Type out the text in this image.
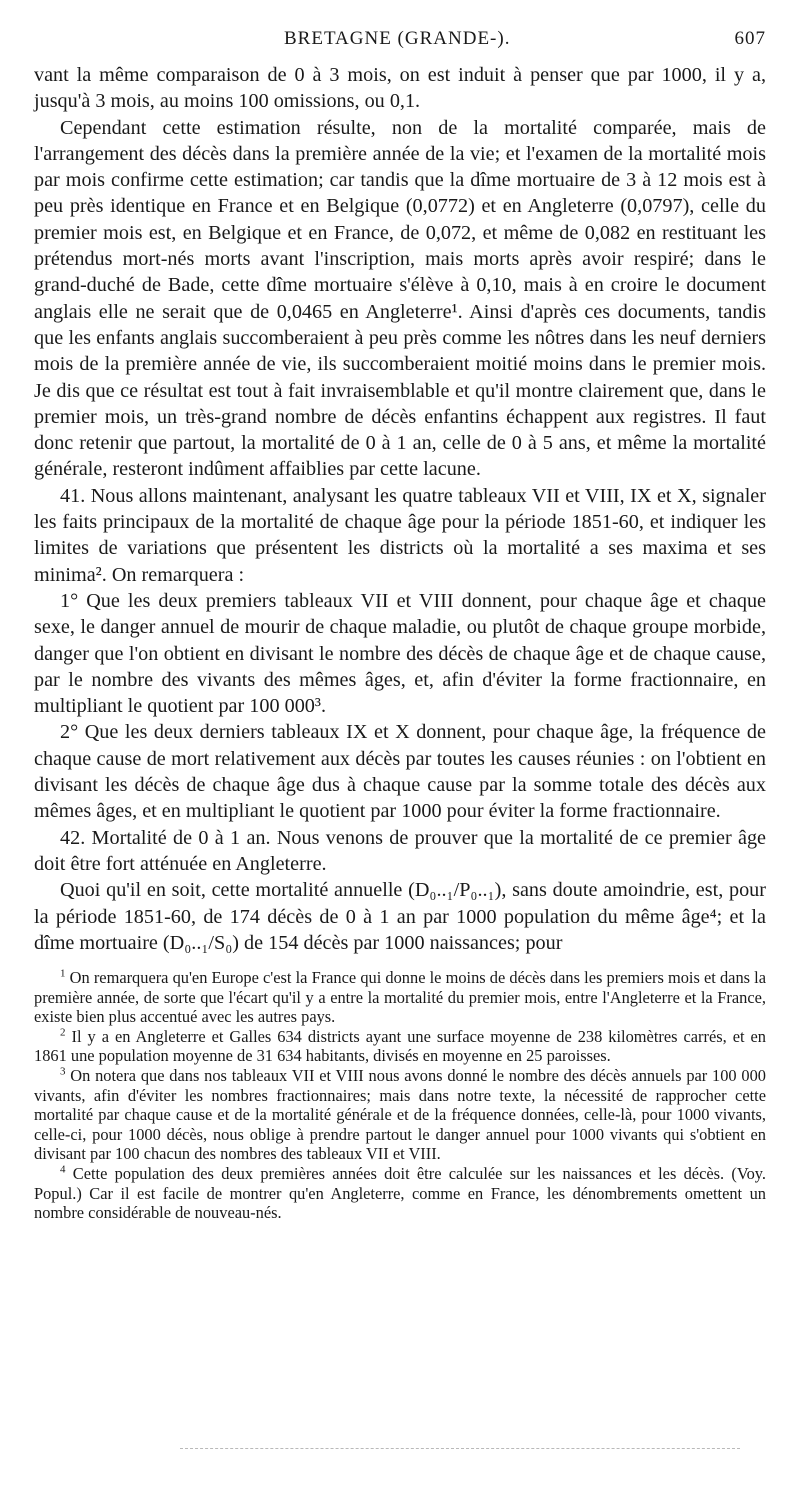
BRETAGNE (GRANDE-).	607

vant la même comparaison de 0 à 3 mois, on est induit à penser que par 1000, il y a, jusqu'à 3 mois, au moins 100 omissions, ou 0,1.

Cependant cette estimation résulte, non de la mortalité comparée, mais de l'arrangement des décès dans la première année de la vie; et l'examen de la mortalité mois par mois confirme cette estimation; car tandis que la dîme mortuaire de 3 à 12 mois est à peu près identique en France et en Belgique (0,0772) et en Angleterre (0,0797), celle du premier mois est, en Belgique et en France, de 0,072, et même de 0,082 en restituant les prétendus mort-nés morts avant l'inscription, mais morts après avoir respiré; dans le grand-duché de Bade, cette dîme mortuaire s'élève à 0,10, mais à en croire le document anglais elle ne serait que de 0,0465 en Angleterre¹. Ainsi d'après ces documents, tandis que les enfants anglais succomberaient à peu près comme les nôtres dans les neuf derniers mois de la première année de vie, ils succomberaient moitié moins dans le premier mois. Je dis que ce résultat est tout à fait invraisemblable et qu'il montre clairement que, dans le premier mois, un très-grand nombre de décès enfantins échappent aux registres. Il faut donc retenir que partout, la mortalité de 0 à 1 an, celle de 0 à 5 ans, et même la mortalité générale, resteront indûment affaiblies par cette lacune.

41. Nous allons maintenant, analysant les quatre tableaux VII et VIII, IX et X, signaler les faits principaux de la mortalité de chaque âge pour la période 1851-60, et indiquer les limites de variations que présentent les districts où la mortalité a ses maxima et ses minima². On remarquera :

1° Que les deux premiers tableaux VII et VIII donnent, pour chaque âge et chaque sexe, le danger annuel de mourir de chaque maladie, ou plutôt de chaque groupe morbide, danger que l'on obtient en divisant le nombre des décès de chaque âge et de chaque cause, par le nombre des vivants des mêmes âges, et, afin d'éviter la forme fractionnaire, en multipliant le quotient par 100 000³.

2° Que les deux derniers tableaux IX et X donnent, pour chaque âge, la fréquence de chaque cause de mort relativement aux décès par toutes les causes réunies : on l'obtient en divisant les décès de chaque âge dus à chaque cause par la somme totale des décès aux mêmes âges, et en multipliant le quotient par 1000 pour éviter la forme fractionnaire.

42. Mortalité de 0 à 1 an. Nous venons de prouver que la mortalité de ce premier âge doit être fort atténuée en Angleterre.

Quoi qu'il en soit, cette mortalité annuelle (D₀..₁/P₀..₁), sans doute amoindrie, est, pour la période 1851-60, de 174 décès de 0 à 1 an par 1000 population du même âge⁴; et la dîme mortuaire (D₀..₁/S₀) de 154 décès par 1000 naissances; pour

$^1$ On remarquera qu'en Europe c'est la France qui donne le moins de décès dans les premiers mois et dans la première année, de sorte que l'écart qu'il y a entre la mortalité du premier mois, entre l'Angleterre et la France, existe bien plus accentué avec les autres pays.

$^2$ Il y a en Angleterre et Galles 634 districts ayant une surface moyenne de 238 kilomètres carrés, et en 1861 une population moyenne de 31 634 habitants, divisés en moyenne en 25 paroisses.

$^3$ On notera que dans nos tableaux VII et VIII nous avons donné le nombre des décès annuels par 100 000 vivants, afin d'éviter les nombres fractionnaires; mais dans notre texte, la nécessité de rapprocher cette mortalité par chaque cause et de la mortalité générale et de la fréquence données, celle-là, pour 1000 vivants, celle-ci, pour 1000 décès, nous oblige à prendre partout le danger annuel pour 1000 vivants qui s'obtient en divisant par 100 chacun des nombres des tableaux VII et VIII.

$^4$ Cette population des deux premières années doit être calculée sur les naissances et les décès. (Voy. Popul.) Car il est facile de montrer qu'en Angleterre, comme en France, les dénombrements omettent un nombre considérable de nouveau-nés.
